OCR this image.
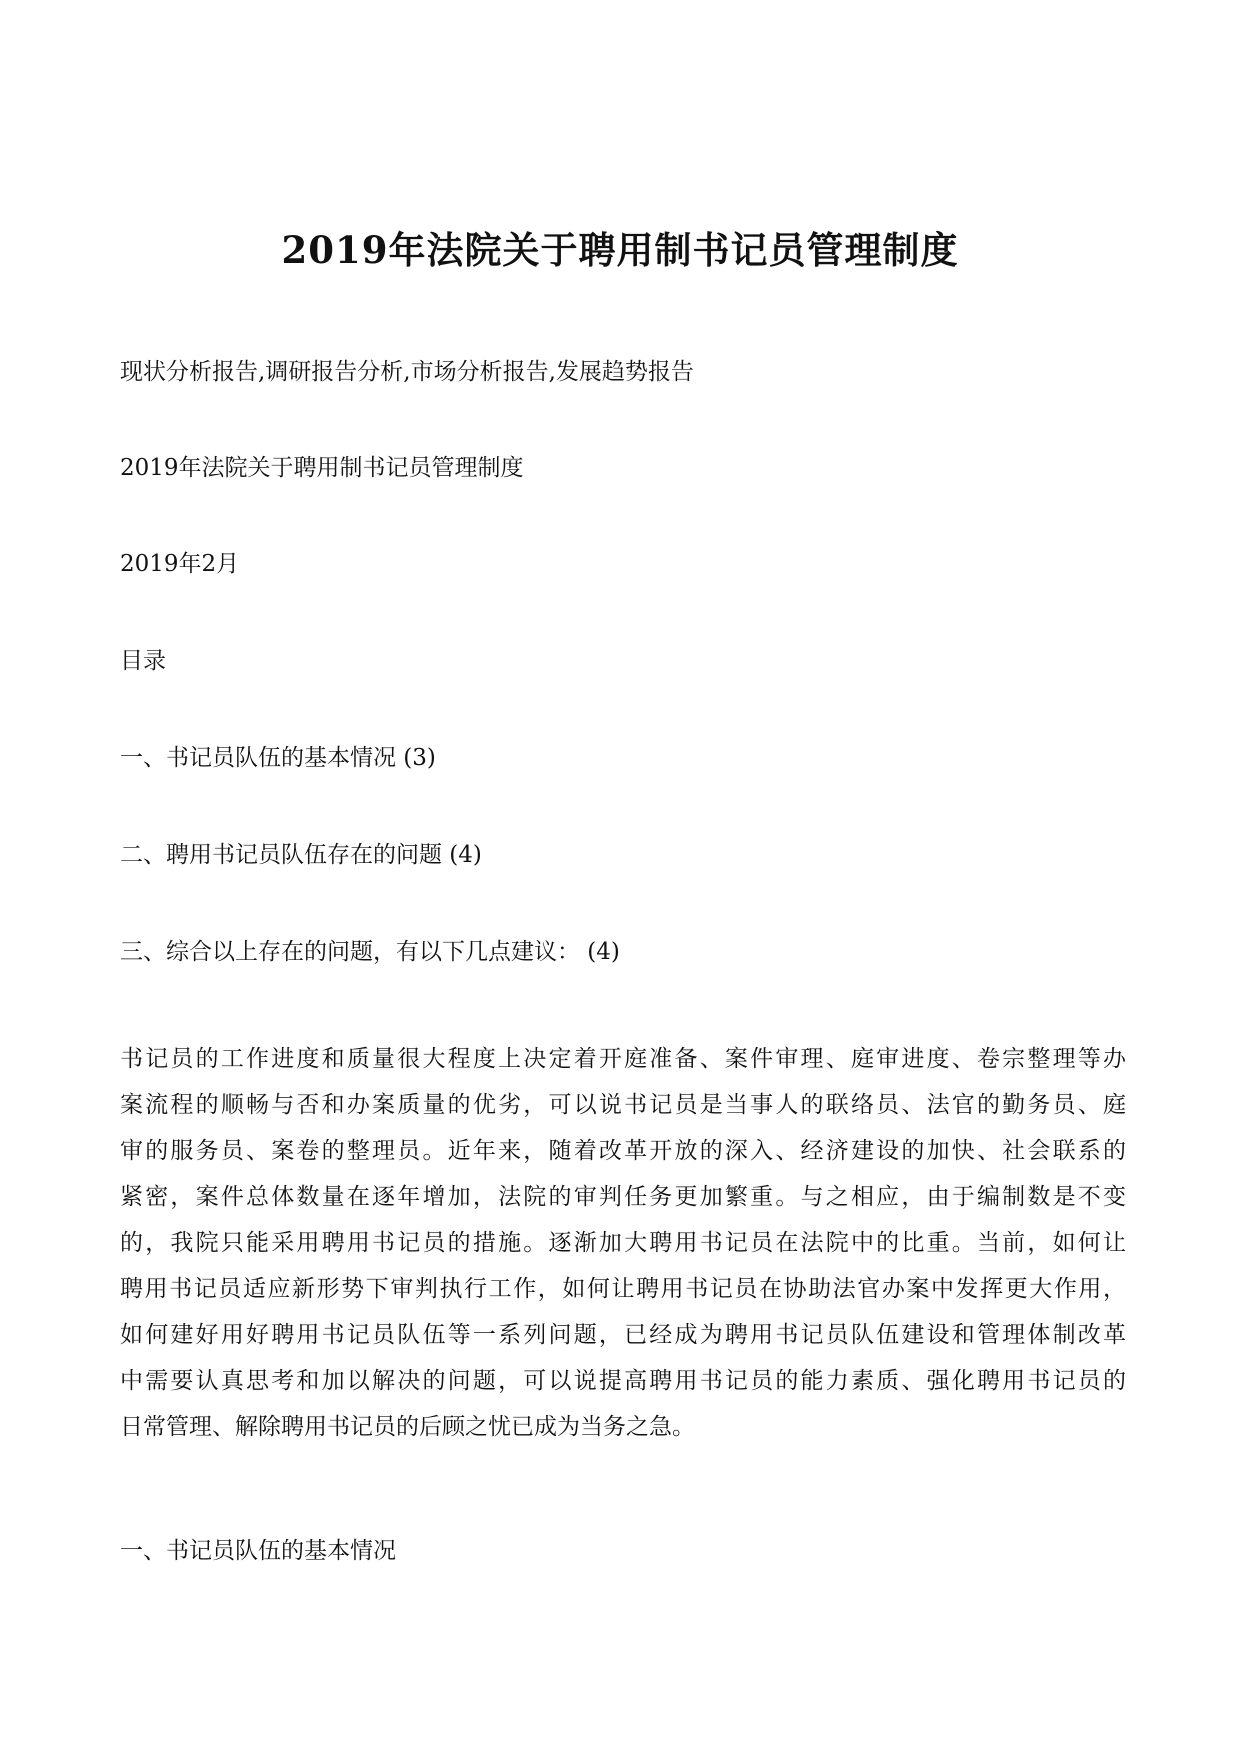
2019年法院关于聘用制书记员管理制度
现状分析报告,调研报告分析,市场分析报告,发展趋势报告
2019年法院关于聘用制书记员管理制度
2019年2月
目录
一、书记员队伍的基本情况 (3)
二、聘用书记员队伍存在的问题 (4)
三、综合以上存在的问题，有以下几点建议： (4)
书记员的工作进度和质量很大程度上决定着开庭准备、案件审理、庭审进度、卷宗整理等办
案流程的顺畅与否和办案质量的优劣，可以说书记员是当事人的联络员、法官的勤务员、庭
审的服务员、案卷的整理员。近年来，随着改革开放的深入、经济建设的加快、社会联系的
紧密，案件总体数量在逐年增加，法院的审判任务更加繁重。与之相应，由于编制数是不变
的，我院只能采用聘用书记员的措施。逐渐加大聘用书记员在法院中的比重。当前，如何让
聘用书记员适应新形势下审判执行工作，如何让聘用书记员在协助法官办案中发挥更大作用，
如何建好用好聘用书记员队伍等一系列问题，已经成为聘用书记员队伍建设和管理体制改革
中需要认真思考和加以解决的问题，可以说提高聘用书记员的能力素质、强化聘用书记员的
日常管理、解除聘用书记员的后顾之忧已成为当务之急。
一、书记员队伍的基本情况
